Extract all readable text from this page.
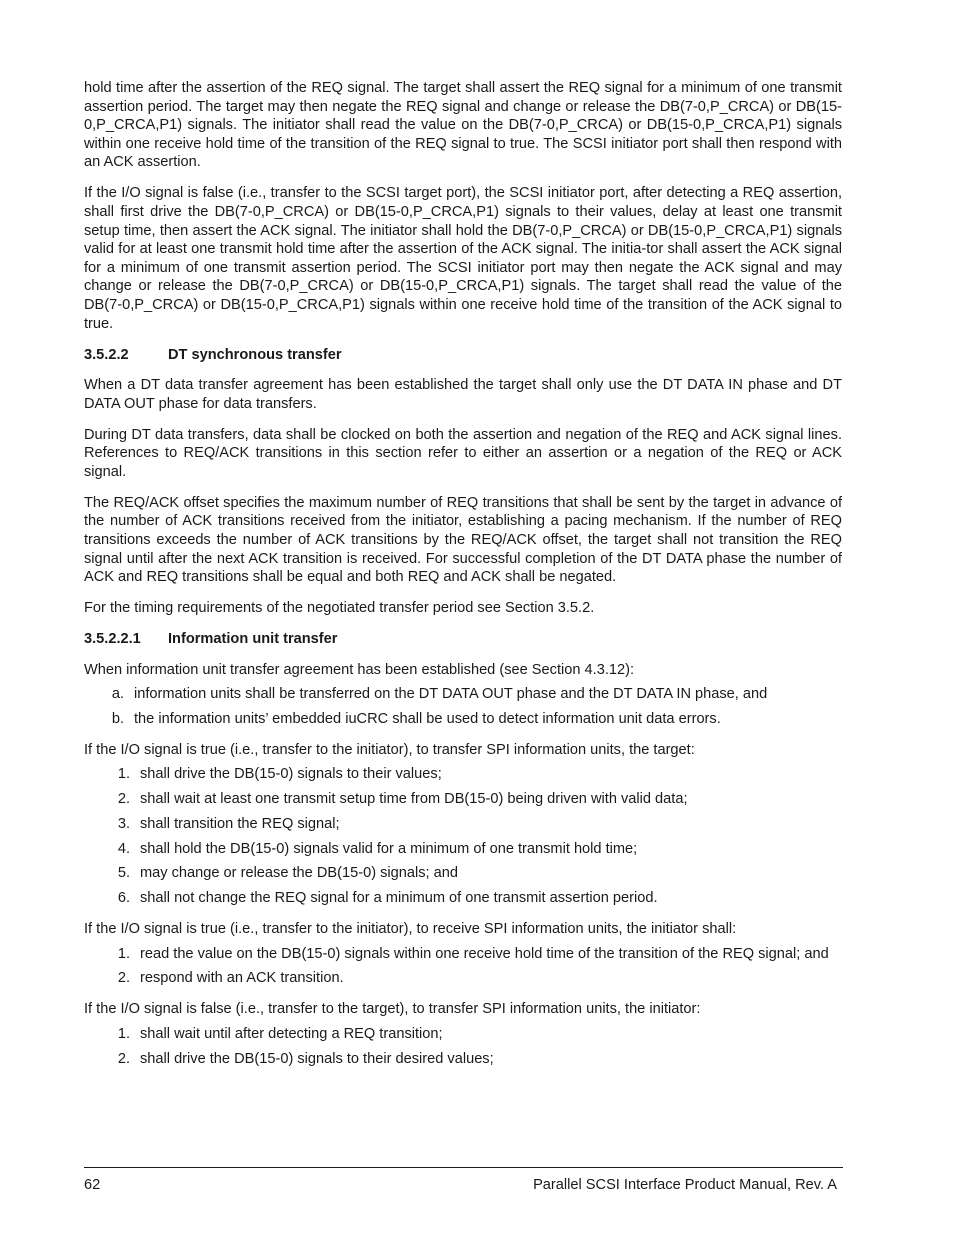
hold time after the assertion of the REQ signal. The target shall assert the REQ signal for a minimum of one transmit assertion period. The target may then negate the REQ signal and change or release the DB(7-0,P_CRCA) or DB(15-0,P_CRCA,P1) signals. The initiator shall read the value on the DB(7-0,P_CRCA) or DB(15-0,P_CRCA,P1) signals within one receive hold time of the transition of the REQ signal to true. The SCSI initiator port shall then respond with an ACK assertion.

If the I/O signal is false (i.e., transfer to the SCSI target port), the SCSI initiator port, after detecting a REQ assertion, shall first drive the DB(7-0,P_CRCA) or DB(15-0,P_CRCA,P1) signals to their values, delay at least one transmit setup time, then assert the ACK signal. The initiator shall hold the DB(7-0,P_CRCA) or DB(15-0,P_CRCA,P1) signals valid for at least one transmit hold time after the assertion of the ACK signal. The initia-tor shall assert the ACK signal for a minimum of one transmit assertion period. The SCSI initiator port may then negate the ACK signal and may change or release the DB(7-0,P_CRCA) or DB(15-0,P_CRCA,P1) signals. The target shall read the value of the DB(7-0,P_CRCA) or DB(15-0,P_CRCA,P1) signals within one receive hold time of the transition of the ACK signal to true.

3.5.2.2	DT synchronous transfer

When a DT data transfer agreement has been established the target shall only use the DT DATA IN phase and DT DATA OUT phase for data transfers.

During DT data transfers, data shall be clocked on both the assertion and negation of the REQ and ACK signal lines. References to REQ/ACK transitions in this section refer to either an assertion or a negation of the REQ or ACK signal.

The REQ/ACK offset specifies the maximum number of REQ transitions that shall be sent by the target in advance of the number of ACK transitions received from the initiator, establishing a pacing mechanism. If the number of REQ transitions exceeds the number of ACK transitions by the REQ/ACK offset, the target shall not transition the REQ signal until after the next ACK transition is received. For successful completion of the DT DATA phase the number of ACK and REQ transitions shall be equal and both REQ and ACK shall be negated.

For the timing requirements of the negotiated transfer period see Section 3.5.2.

3.5.2.2.1 Information unit transfer

When information unit transfer agreement has been established (see Section 4.3.12):

a. information units shall be transferred on the DT DATA OUT phase and the DT DATA IN phase, and
b. the information units’ embedded iuCRC shall be used to detect information unit data errors.

If the I/O signal is true (i.e., transfer to the initiator), to transfer SPI information units, the target:

1. shall drive the DB(15-0) signals to their values;
2. shall wait at least one transmit setup time from DB(15-0) being driven with valid data;
3. shall transition the REQ signal;
4. shall hold the DB(15-0) signals valid for a minimum of one transmit hold time;
5. may change or release the DB(15-0) signals; and
6. shall not change the REQ signal for a minimum of one transmit assertion period.

If the I/O signal is true (i.e., transfer to the initiator), to receive SPI information units, the initiator shall:

1. read the value on the DB(15-0) signals within one receive hold time of the transition of the REQ signal; and
2. respond with an ACK transition.

If the I/O signal is false (i.e., transfer to the target), to transfer SPI information units, the initiator:

1. shall wait until after detecting a REQ transition;
2. shall drive the DB(15-0) signals to their desired values;
62	Parallel SCSI Interface Product Manual, Rev. A
